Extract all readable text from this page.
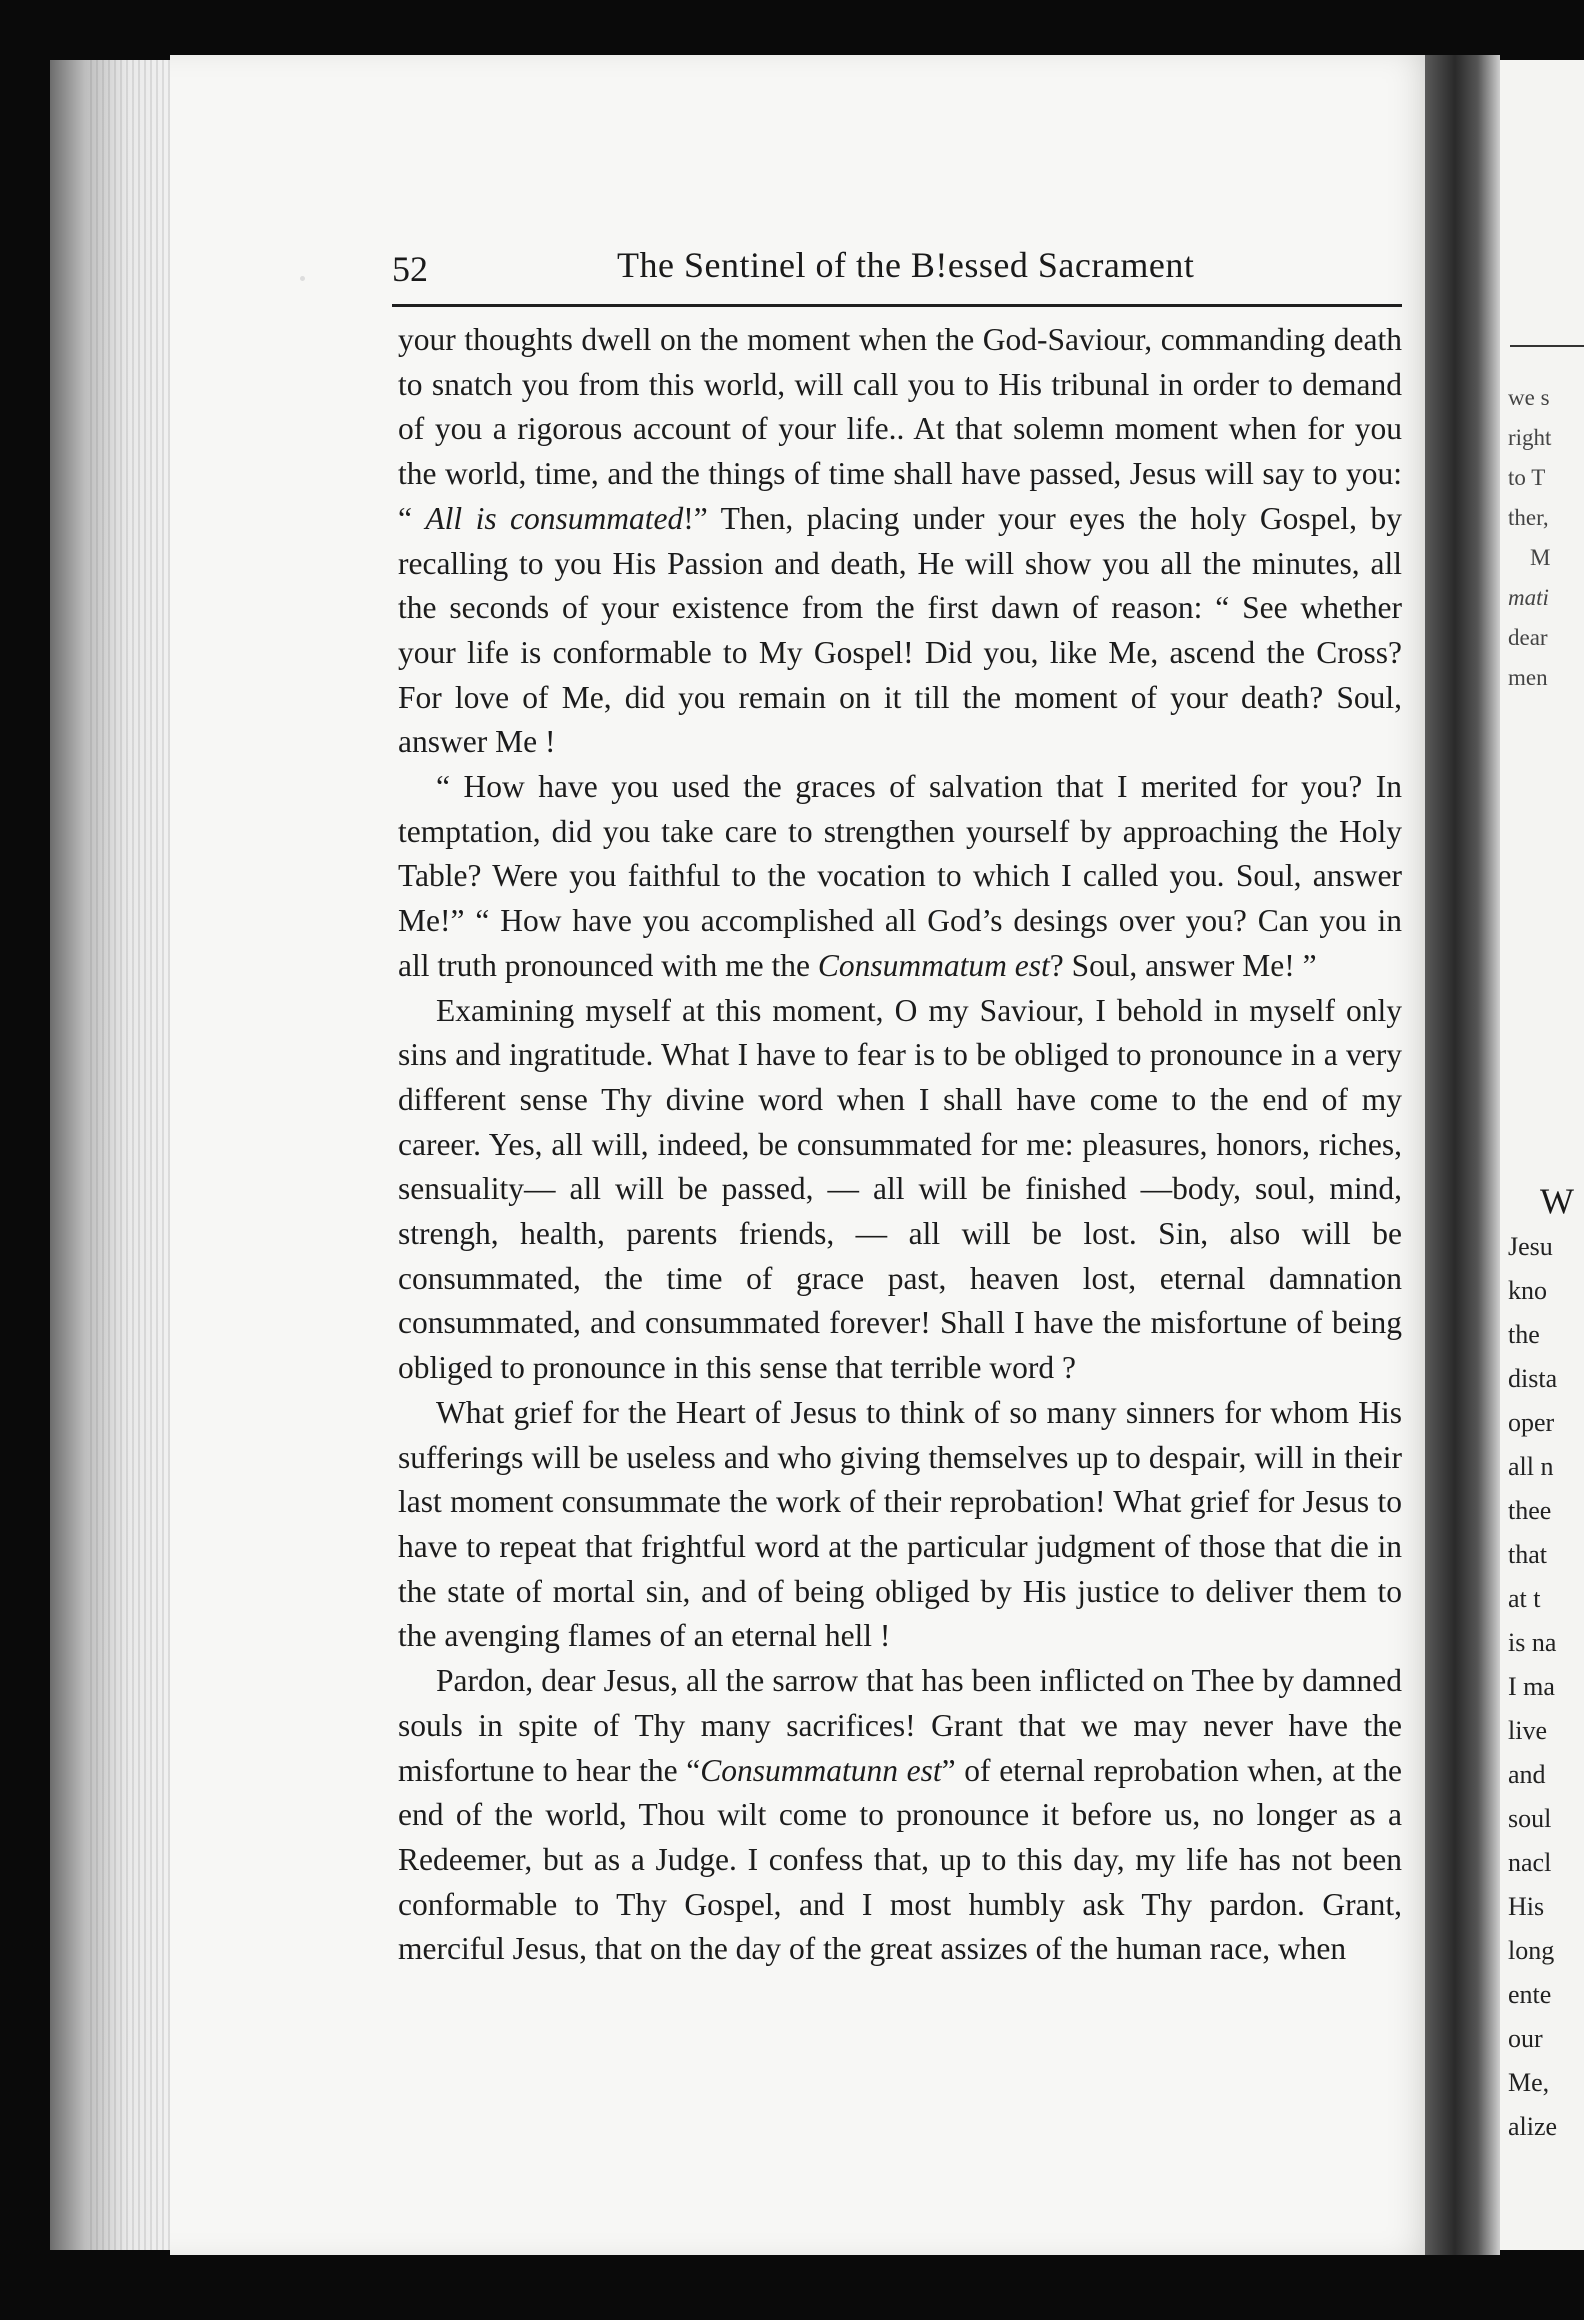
we s
right
to T
ther,
M
mati
dear
men
W
Jesu
kno
the
dista
oper
all n
thee
that
at t
is na
I ma
live
and
soul
nacl
His
long
ente
our
Me,
alize
52	The Sentinel of the B!essed Sacrament

your thoughts dwell on the moment when the God-Saviour, commanding death to snatch you from this world, will call you to His tribunal in order to demand of you a rigorous account of your life.. At that solemn moment when for you the world, time, and the things of time shall have passed, Jesus will say to you: “ All is consummated!” Then, placing under your eyes the holy Gospel, by recalling to you His Passion and death, He will show you all the minutes, all the seconds of your existence from the first dawn of reason: “ See whether your life is conformable to My Gospel! Did you, like Me, ascend the Cross? For love of Me, did you remain on it till the moment of your death? Soul, answer Me !

“ How have you used the graces of salvation that I merited for you? In temptation, did you take care to strengthen yourself by approaching the Holy Table? Were you faithful to the vocation to which I called you. Soul, answer Me!” “ How have you accomplished all God’s desings over you? Can you in all truth pronounced with me the Consummatum est? Soul, answer Me! ”

Examining myself at this moment, O my Saviour, I behold in myself only sins and ingratitude. What I have to fear is to be obliged to pronounce in a very different sense Thy divine word when I shall have come to the end of my career. Yes, all will, indeed, be consummated for me: pleasures, honors, riches, sensuality— all will be passed, — all will be finished —body, soul, mind, strengh, health, parents friends, — all will be lost. Sin, also will be consummated, the time of grace past, heaven lost, eternal damnation consummated, and consummated forever! Shall I have the misfortune of being obliged to pronounce in this sense that terrible word ?

What grief for the Heart of Jesus to think of so many sinners for whom His sufferings will be useless and who giving themselves up to despair, will in their last moment consummate the work of their reprobation! What grief for Jesus to have to repeat that frightful word at the particular judgment of those that die in the state of mortal sin, and of being obliged by His justice to deliver them to the avenging flames of an eternal hell !

Pardon, dear Jesus, all the sarrow that has been inflicted on Thee by damned souls in spite of Thy many sacrifices! Grant that we may never have the misfortune to hear the “Consummatunn est” of eternal reprobation when, at the end of the world, Thou wilt come to pronounce it before us, no longer as a Redeemer, but as a Judge. I confess that, up to this day, my life has not been conformable to Thy Gospel, and I most humbly ask Thy pardon. Grant, merciful Jesus, that on the day of the great assizes of the human race, when
